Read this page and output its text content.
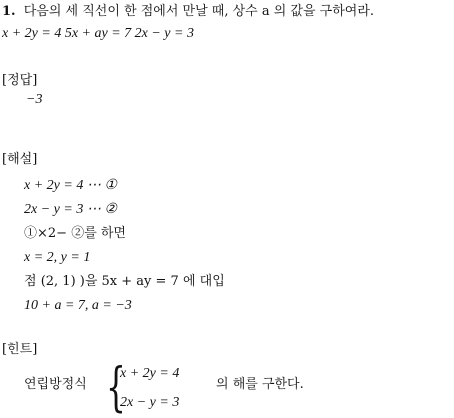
1. 다음의 세 직선이 한 점에서 만날 때, 상수 a 의 값을 구하여라.
x + 2y = 4 5x + ay = 7 2x − y = 3
[정답]
−3
[해설]
x + 2y = 4 ⋯ ①
2x − y = 3 ⋯ ②
①×2− ②를 하면
x = 2, y = 1
점 (2, 1) )을 5x + ay = 7 에 대입
10 + a = 7, a = −3
[힌트]
연립방정식 {
x + 2y = 4
2x − y = 3
의 해를 구한다.
